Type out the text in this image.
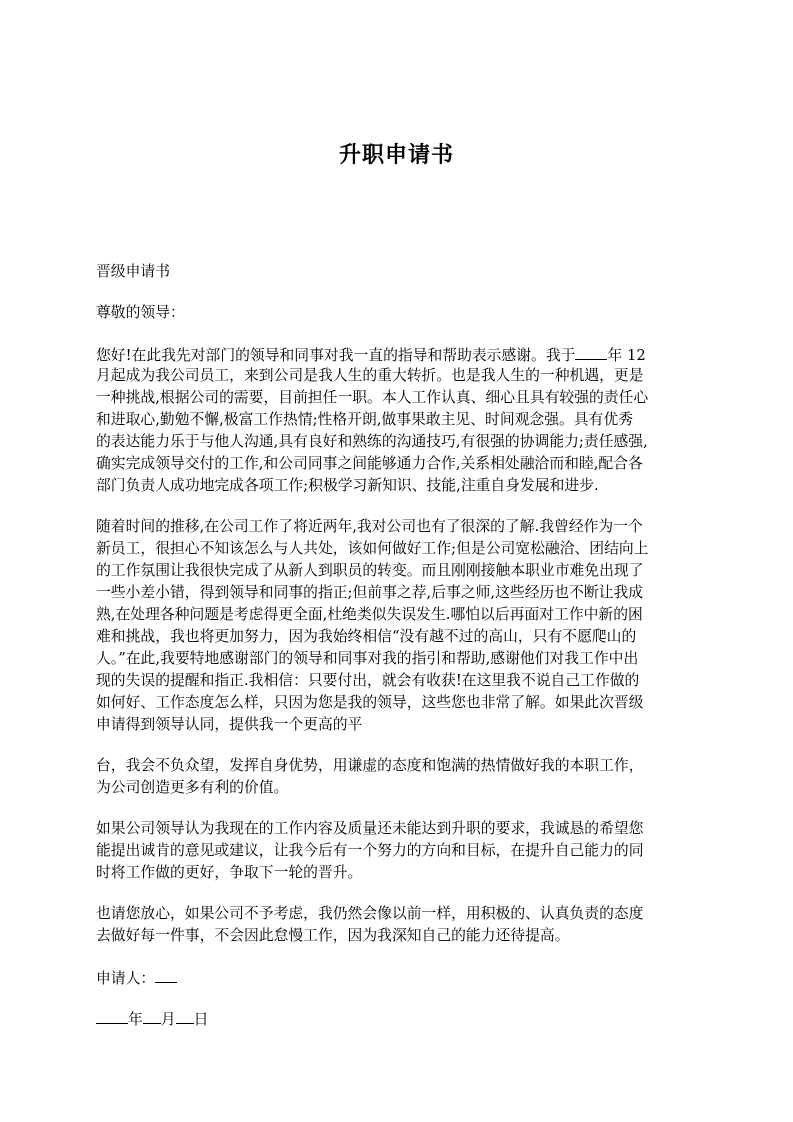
升职申请书
晋级申请书
尊敬的领导：
您好!在此我先对部门的领导和同事对我一直的指导和帮助表示感谢。我于 年 12
月起成为我公司员工，来到公司是我人生的重大转折。也是我人生的一种机遇，更是
一种挑战,根据公司的需要，目前担任一职。本人工作认真、细心且具有较强的责任心
和进取心,勤勉不懈,极富工作热情;性格开朗,做事果敢主见、时间观念强。具有优秀
的表达能力乐于与他人沟通,具有良好和熟练的沟通技巧,有很强的协调能力;责任感强,
确实完成领导交付的工作,和公司同事之间能够通力合作,关系相处融洽而和睦,配合各
部门负责人成功地完成各项工作;积极学习新知识、技能,注重自身发展和进步.
随着时间的推移,在公司工作了将近两年,我对公司也有了很深的了解.我曾经作为一个
新员工，很担心不知该怎么与人共处，该如何做好工作;但是公司宽松融洽、团结向上
的工作氛围让我很快完成了从新人到职员的转变。而且刚刚接触本职业市难免出现了
一些小差小错，得到领导和同事的指正;但前事之荐,后事之师,这些经历也不断让我成
熟,在处理各种问题是考虑得更全面,杜绝类似失误发生.哪怕以后再面对工作中新的困
难和挑战，我也将更加努力，因为我始终相信“没有越不过的高山，只有不愿爬山的
人。”在此,我要特地感谢部门的领导和同事对我的指引和帮助,感谢他们对我工作中出
现的失误的提醒和指正.我相信：只要付出，就会有收获!在这里我不说自己工作做的
如何好、工作态度怎么样，只因为您是我的领导，这些您也非常了解。如果此次晋级
申请得到领导认同，提供我一个更高的平
台，我会不负众望，发挥自身优势，用谦虚的态度和饱满的热情做好我的本职工作，
为公司创造更多有利的价值。
如果公司领导认为我现在的工作内容及质量还未能达到升职的要求，我诚恳的希望您
能提出诚肯的意见或建议，让我今后有一个努力的方向和目标，在提升自己能力的同
时将工作做的更好，争取下一轮的晋升。
也请您放心，如果公司不予考虑，我仍然会像以前一样，用积极的、认真负责的态度
去做好每一件事，不会因此怠慢工作，因为我深知自己的能力还待提高。
申请人：
年 月 日
